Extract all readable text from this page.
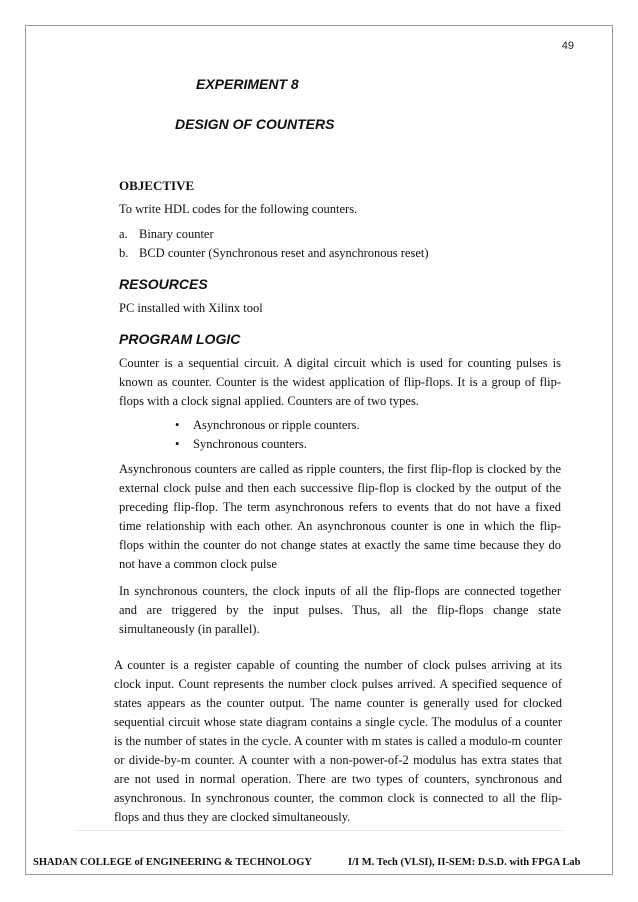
49
EXPERIMENT 8
DESIGN OF COUNTERS
OBJECTIVE

To write HDL codes for the following counters.

a. Binary counter
b. BCD counter (Synchronous reset and asynchronous reset)
RESOURCES

PC installed with Xilinx tool

PROGRAM LOGIC

Counter is a sequential circuit. A digital circuit which is used for counting pulses is known as counter. Counter is the widest application of flip-flops. It is a group of flip-flops with a clock signal applied. Counters are of two types.

•	Asynchronous or ripple counters.
•	Synchronous counters.

Asynchronous counters are called as ripple counters, the first flip-flop is clocked by the external clock pulse and then each successive flip-flop is clocked by the output of the preceding flip-flop. The term asynchronous refers to events that do not have a fixed time relationship with each other. An asynchronous counter is one in which the flip-flops within the counter do not change states at exactly the same time because they do not have a common clock pulse

In synchronous counters, the clock inputs of all the flip-flops are connected together and are triggered by the input pulses. Thus, all the flip-flops change state simultaneously (in parallel).

A counter is a register capable of counting the number of clock pulses arriving at its clock input. Count represents the number clock pulses arrived. A specified sequence of states appears as the counter output. The name counter is generally used for clocked sequential circuit whose state diagram contains a single cycle. The modulus of a counter is the number of states in the cycle. A counter with m states is called a modulo-m counter or divide-by-m counter. A counter with a non-power-of-2 modulus has extra states that are not used in normal operation. There are two types of counters, synchronous and asynchronous. In synchronous counter, the common clock is connected to all the flip-flops and thus they are clocked simultaneously.

SHADAN COLLEGE of ENGINEERING & TECHNOLOGY	I/I M. Tech (VLSI), II-SEM: D.S.D. with FPGA Lab
